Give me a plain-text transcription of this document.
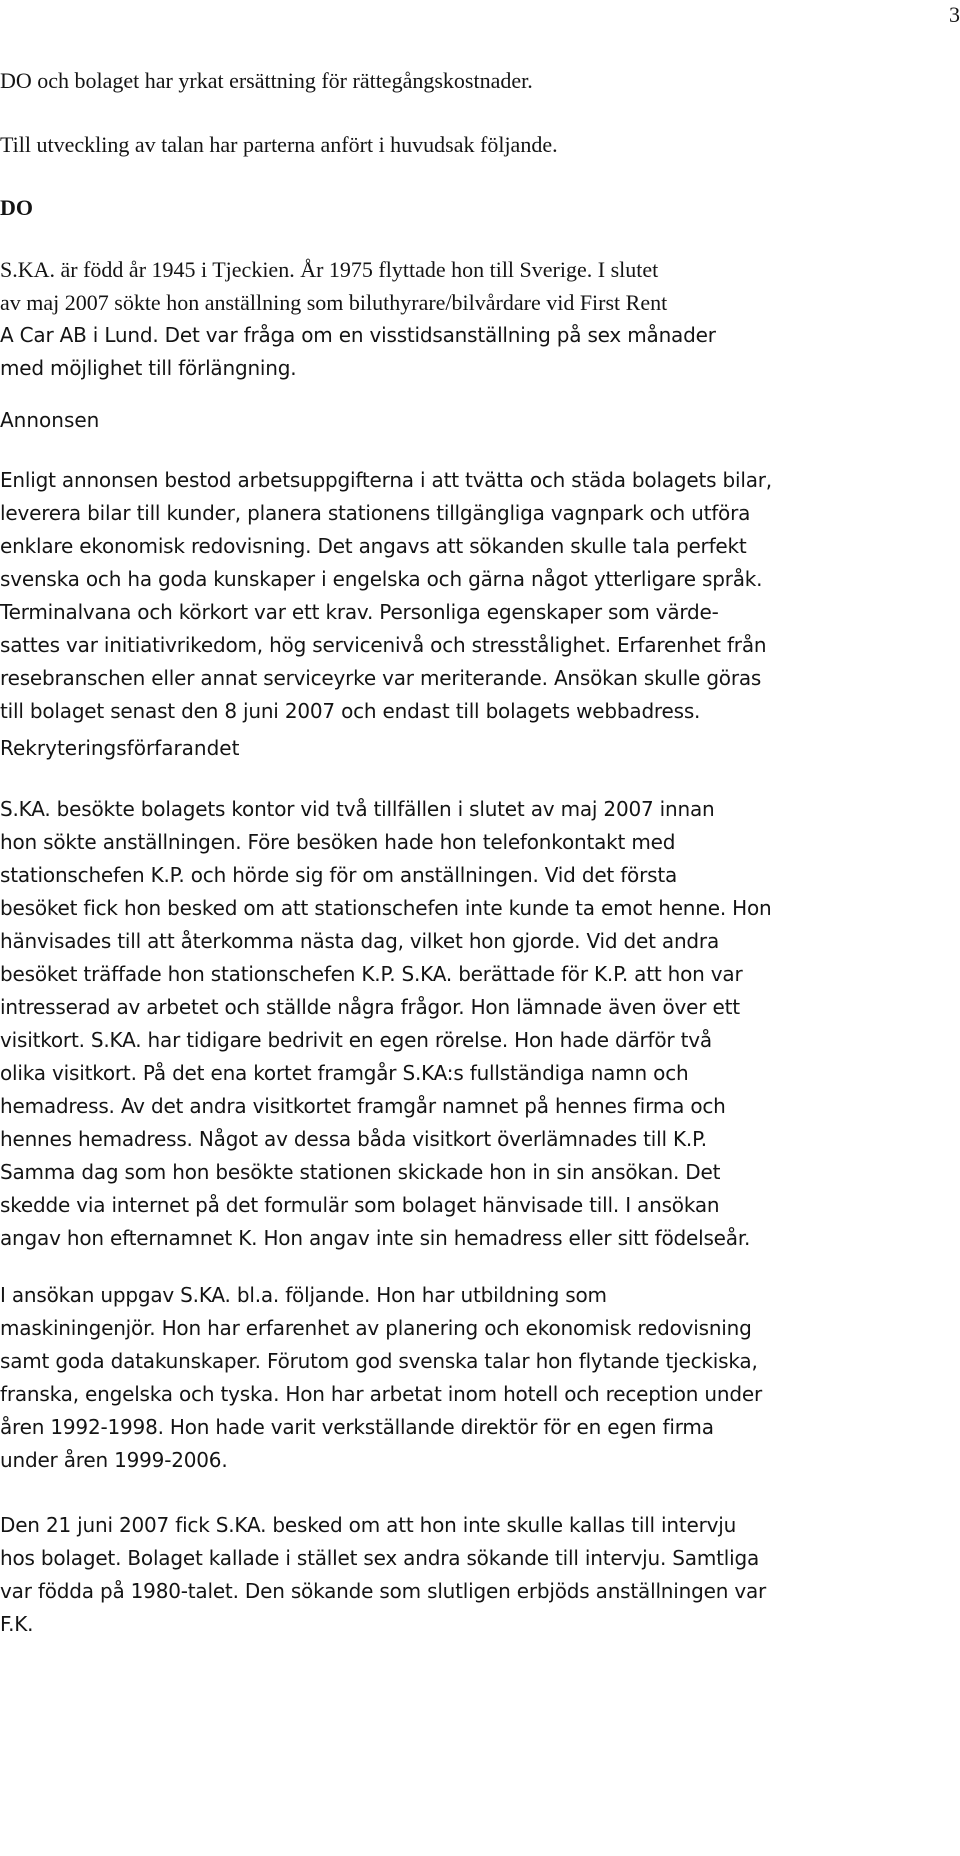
3

DO och bolaget har yrkat ersättning för rättegångskostnader.

Till utveckling av talan har parterna anfört i huvudsak följande.

DO

S.KA. är född år 1945 i Tjeckien. År 1975 flyttade hon till Sverige. I slutet
av maj 2007 sökte hon anställning som biluthyrare/bilvårdare vid First Rent
A Car AB i Lund. Det var fråga om en visstidsanställning på sex månader
med möjlighet till förlängning.

Annonsen

Enligt annonsen bestod arbetsuppgifterna i att tvätta och städa bolagets bilar,
leverera bilar till kunder, planera stationens tillgängliga vagnpark och utföra
enklare ekonomisk redovisning. Det angavs att sökanden skulle tala perfekt
svenska och ha goda kunskaper i engelska och gärna något ytterligare språk.
Terminalvana och körkort var ett krav. Personliga egenskaper som värde-
sattes var initiativrikedom, hög servicenivå och stresstålighet. Erfarenhet från
resebranschen eller annat serviceyrke var meriterande. Ansökan skulle göras
till bolaget senast den 8 juni 2007 och endast till bolagets webbadress.

Rekryteringsförfarandet

S.KA. besökte bolagets kontor vid två tillfällen i slutet av maj 2007 innan
hon sökte anställningen. Före besöken hade hon telefonkontakt med
stationschefen K.P. och hörde sig för om anställningen. Vid det första
besöket fick hon besked om att stationschefen inte kunde ta emot henne. Hon
hänvisades till att återkomma nästa dag, vilket hon gjorde. Vid det andra
besöket träffade hon stationschefen K.P. S.KA. berättade för K.P. att hon var
intresserad av arbetet och ställde några frågor. Hon lämnade även över ett
visitkort. S.KA. har tidigare bedrivit en egen rörelse. Hon hade därför två
olika visitkort. På det ena kortet framgår S.KA:s fullständiga namn och
hemadress. Av det andra visitkortet framgår namnet på hennes firma och
hennes hemadress. Något av dessa båda visitkort överlämnades till K.P.
Samma dag som hon besökte stationen skickade hon in sin ansökan. Det
skedde via internet på det formulär som bolaget hänvisade till. I ansökan
angav hon efternamnet K. Hon angav inte sin hemadress eller sitt födelseår.
I ansökan uppgav S.KA. bl.a. följande. Hon har utbildning som
maskiningenjör. Hon har erfarenhet av planering och ekonomisk redovisning
samt goda datakunskaper. Förutom god svenska talar hon flytande tjeckiska,
franska, engelska och tyska. Hon har arbetat inom hotell och reception under
åren 1992-1998. Hon hade varit verkställande direktör för en egen firma
under åren 1999-2006.
Den 21 juni 2007 fick S.KA. besked om att hon inte skulle kallas till intervju
hos bolaget. Bolaget kallade i stället sex andra sökande till intervju. Samtliga
var födda på 1980-talet. Den sökande som slutligen erbjöds anställningen var
F.K.
